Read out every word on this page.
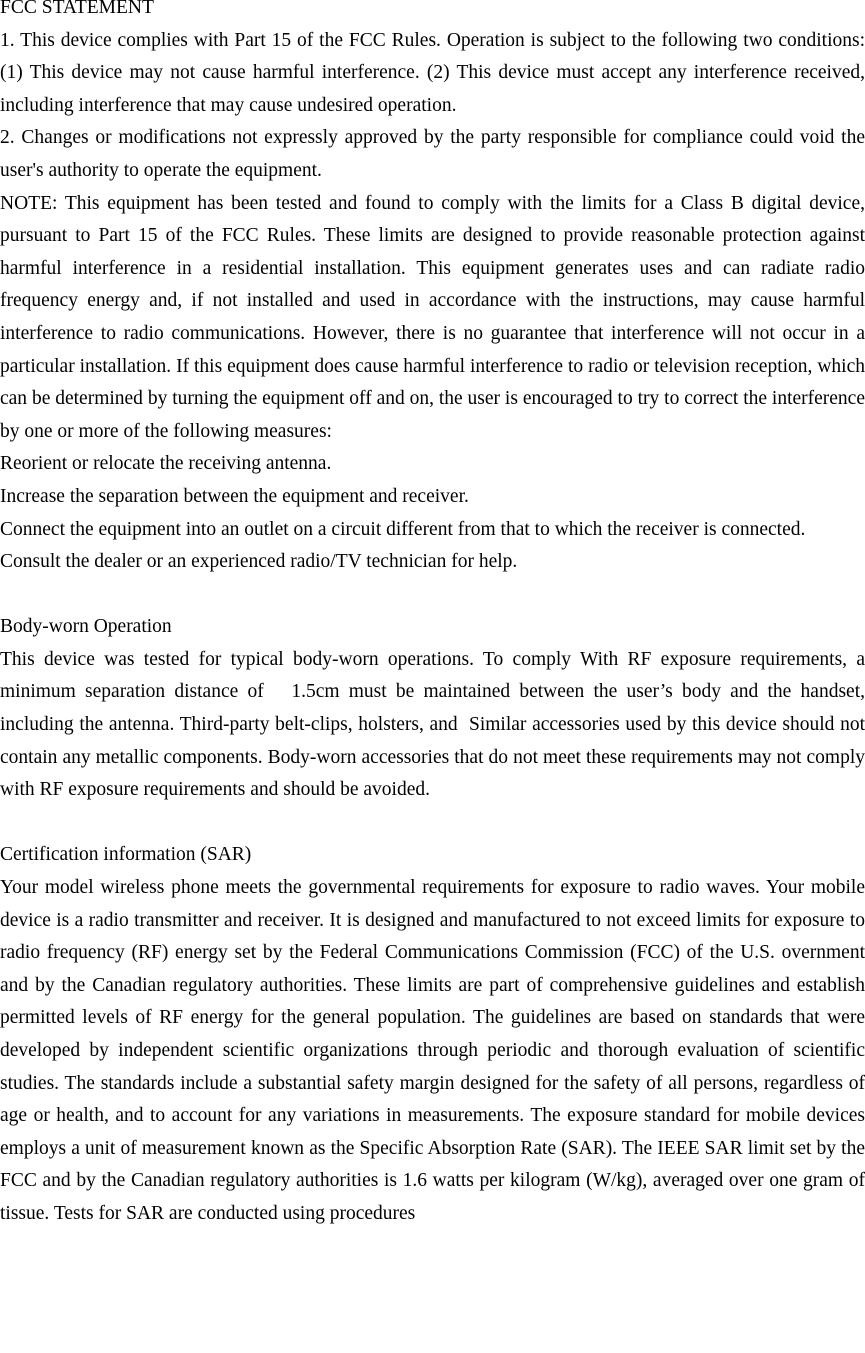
FCC STATEMENT

1. This device complies with Part 15 of the FCC Rules. Operation is subject to the following two conditions: (1) This device may not cause harmful interference. (2) This device must accept any interference received, including interference that may cause undesired operation.

2. Changes or modifications not expressly approved by the party responsible for compliance could void the user's authority to operate the equipment.

NOTE: This equipment has been tested and found to comply with the limits for a Class B digital device, pursuant to Part 15 of the FCC Rules. These limits are designed to provide reasonable protection against harmful interference in a residential installation. This equipment generates uses and can radiate radio frequency energy and, if not installed and used in accordance with the instructions, may cause harmful interference to radio communications. However, there is no guarantee that interference will not occur in a particular installation. If this equipment does cause harmful interference to radio or television reception, which can be determined by turning the equipment off and on, the user is encouraged to try to correct the interference by one or more of the following measures:

Reorient or relocate the receiving antenna.

Increase the separation between the equipment and receiver.

Connect the equipment into an outlet on a circuit different from that to which the receiver is connected.

Consult the dealer or an experienced radio/TV technician for help.

Body-worn Operation

This device was tested for typical body-worn operations. To comply With RF exposure requirements, a minimum separation distance of   1.5cm must be maintained between the user’s body and the handset, including the antenna. Third-party belt-clips, holsters, and  Similar accessories used by this device should not contain any metallic components. Body-worn accessories that do not meet these requirements may not comply with RF exposure requirements and should be avoided.

Certification information (SAR)

Your model wireless phone meets the governmental requirements for exposure to radio waves. Your mobile device is a radio transmitter and receiver. It is designed and manufactured to not exceed limits for exposure to radio frequency (RF) energy set by the Federal Communications Commission (FCC) of the U.S. overnment and by the Canadian regulatory authorities. These limits are part of comprehensive guidelines and establish permitted levels of RF energy for the general population. The guidelines are based on standards that were developed by independent scientific organizations through periodic and thorough evaluation of scientific studies. The standards include a substantial safety margin designed for the safety of all persons, regardless of age or health, and to account for any variations in measurements. The exposure standard for mobile devices employs a unit of measurement known as the Specific Absorption Rate (SAR). The IEEE SAR limit set by the FCC and by the Canadian regulatory authorities is 1.6 watts per kilogram (W/kg), averaged over one gram of tissue. Tests for SAR are conducted using procedures
